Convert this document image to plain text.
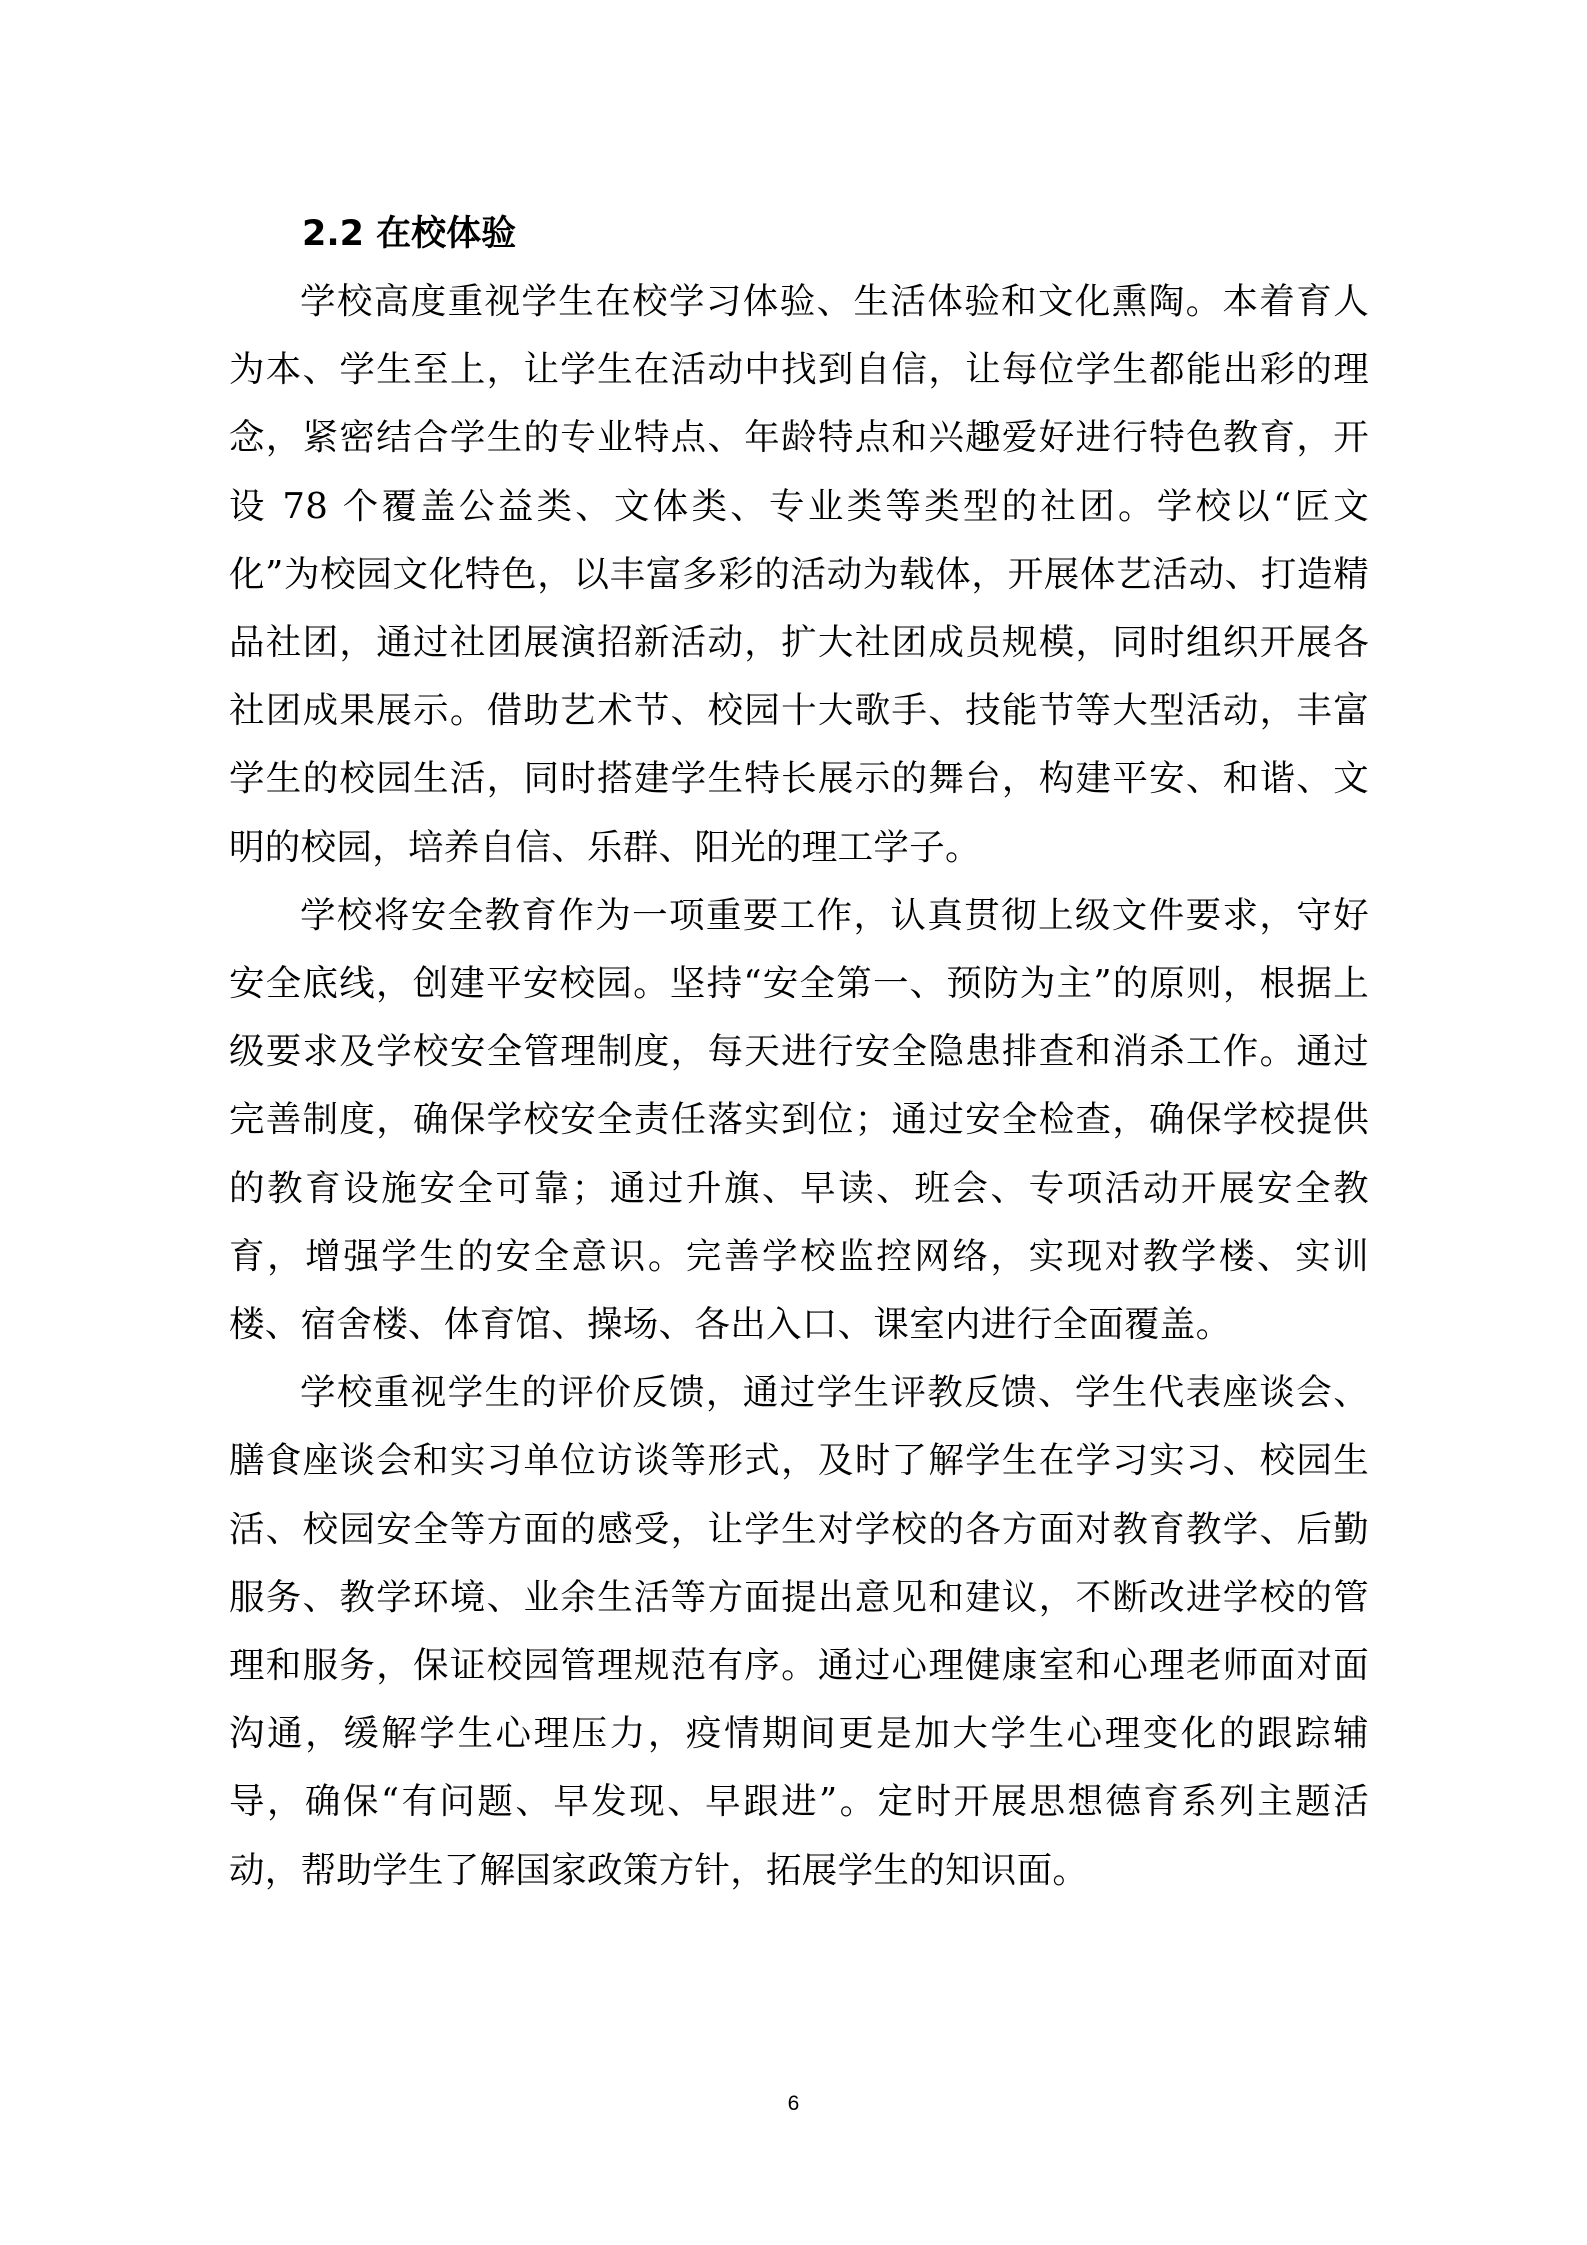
2.2 在校体验

学校高度重视学生在校学习体验、生活体验和文化熏陶。本着育人为本、学生至上，让学生在活动中找到自信，让每位学生都能出彩的理念，紧密结合学生的专业特点、年龄特点和兴趣爱好进行特色教育，开设 78 个覆盖公益类、文体类、专业类等类型的社团。学校以“匠文化”为校园文化特色，以丰富多彩的活动为载体，开展体艺活动、打造精品社团，通过社团展演招新活动，扩大社团成员规模，同时组织开展各社团成果展示。借助艺术节、校园十大歌手、技能节等大型活动，丰富学生的校园生活，同时搭建学生特长展示的舞台，构建平安、和谐、文明的校园，培养自信、乐群、阳光的理工学子。

学校将安全教育作为一项重要工作，认真贯彻上级文件要求，守好安全底线，创建平安校园。坚持“安全第一、预防为主”的原则，根据上级要求及学校安全管理制度，每天进行安全隐患排查和消杀工作。通过完善制度，确保学校安全责任落实到位；通过安全检查，确保学校提供的教育设施安全可靠；通过升旗、早读、班会、专项活动开展安全教育，增强学生的安全意识。完善学校监控网络，实现对教学楼、实训楼、宿舍楼、体育馆、操场、各出入口、课室内进行全面覆盖。

学校重视学生的评价反馈，通过学生评教反馈、学生代表座谈会、膳食座谈会和实习单位访谈等形式，及时了解学生在学习实习、校园生活、校园安全等方面的感受，让学生对学校的各方面对教育教学、后勤服务、教学环境、业余生活等方面提出意见和建议，不断改进学校的管理和服务，保证校园管理规范有序。通过心理健康室和心理老师面对面沟通，缓解学生心理压力，疫情期间更是加大学生心理变化的跟踪辅导，确保“有问题、早发现、早跟进”。定时开展思想德育系列主题活动，帮助学生了解国家政策方针，拓展学生的知识面。

6
